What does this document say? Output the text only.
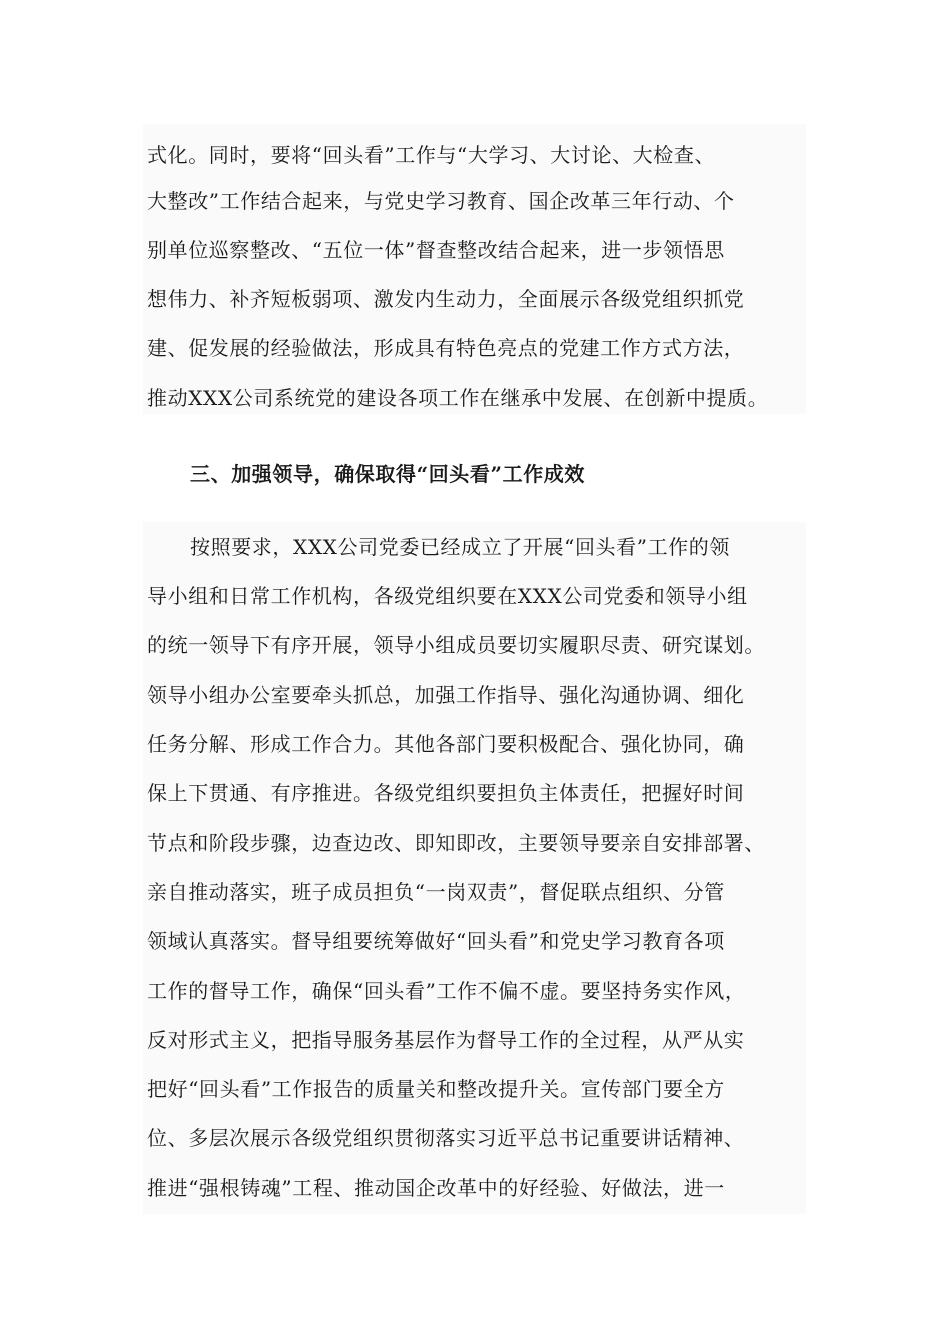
式化。同时，要将“回头看”工作与“大学习、大讨论、大检查、
大整改”工作结合起来，与党史学习教育、国企改革三年行动、个
别单位巡察整改、“五位一体”督查整改结合起来，进一步领悟思
想伟力、补齐短板弱项、激发内生动力，全面展示各级党组织抓党
建、促发展的经验做法，形成具有特色亮点的党建工作方式方法，
推动XXX公司系统党的建设各项工作在继承中发展、在创新中提质。
三、加强领导，确保取得“回头看”工作成效
按照要求，XXX公司党委已经成立了开展“回头看”工作的领
导小组和日常工作机构，各级党组织要在XXX公司党委和领导小组
的统一领导下有序开展，领导小组成员要切实履职尽责、研究谋划。
领导小组办公室要牵头抓总，加强工作指导、强化沟通协调、细化
任务分解、形成工作合力。其他各部门要积极配合、强化协同，确
保上下贯通、有序推进。各级党组织要担负主体责任，把握好时间
节点和阶段步骤，边查边改、即知即改，主要领导要亲自安排部署、
亲自推动落实，班子成员担负“一岗双责”，督促联点组织、分管
领域认真落实。督导组要统筹做好“回头看”和党史学习教育各项
工作的督导工作，确保“回头看”工作不偏不虚。要坚持务实作风，
反对形式主义，把指导服务基层作为督导工作的全过程，从严从实
把好“回头看”工作报告的质量关和整改提升关。宣传部门要全方
位、多层次展示各级党组织贯彻落实习近平总书记重要讲话精神、
推进“强根铸魂”工程、推动国企改革中的好经验、好做法，进一
